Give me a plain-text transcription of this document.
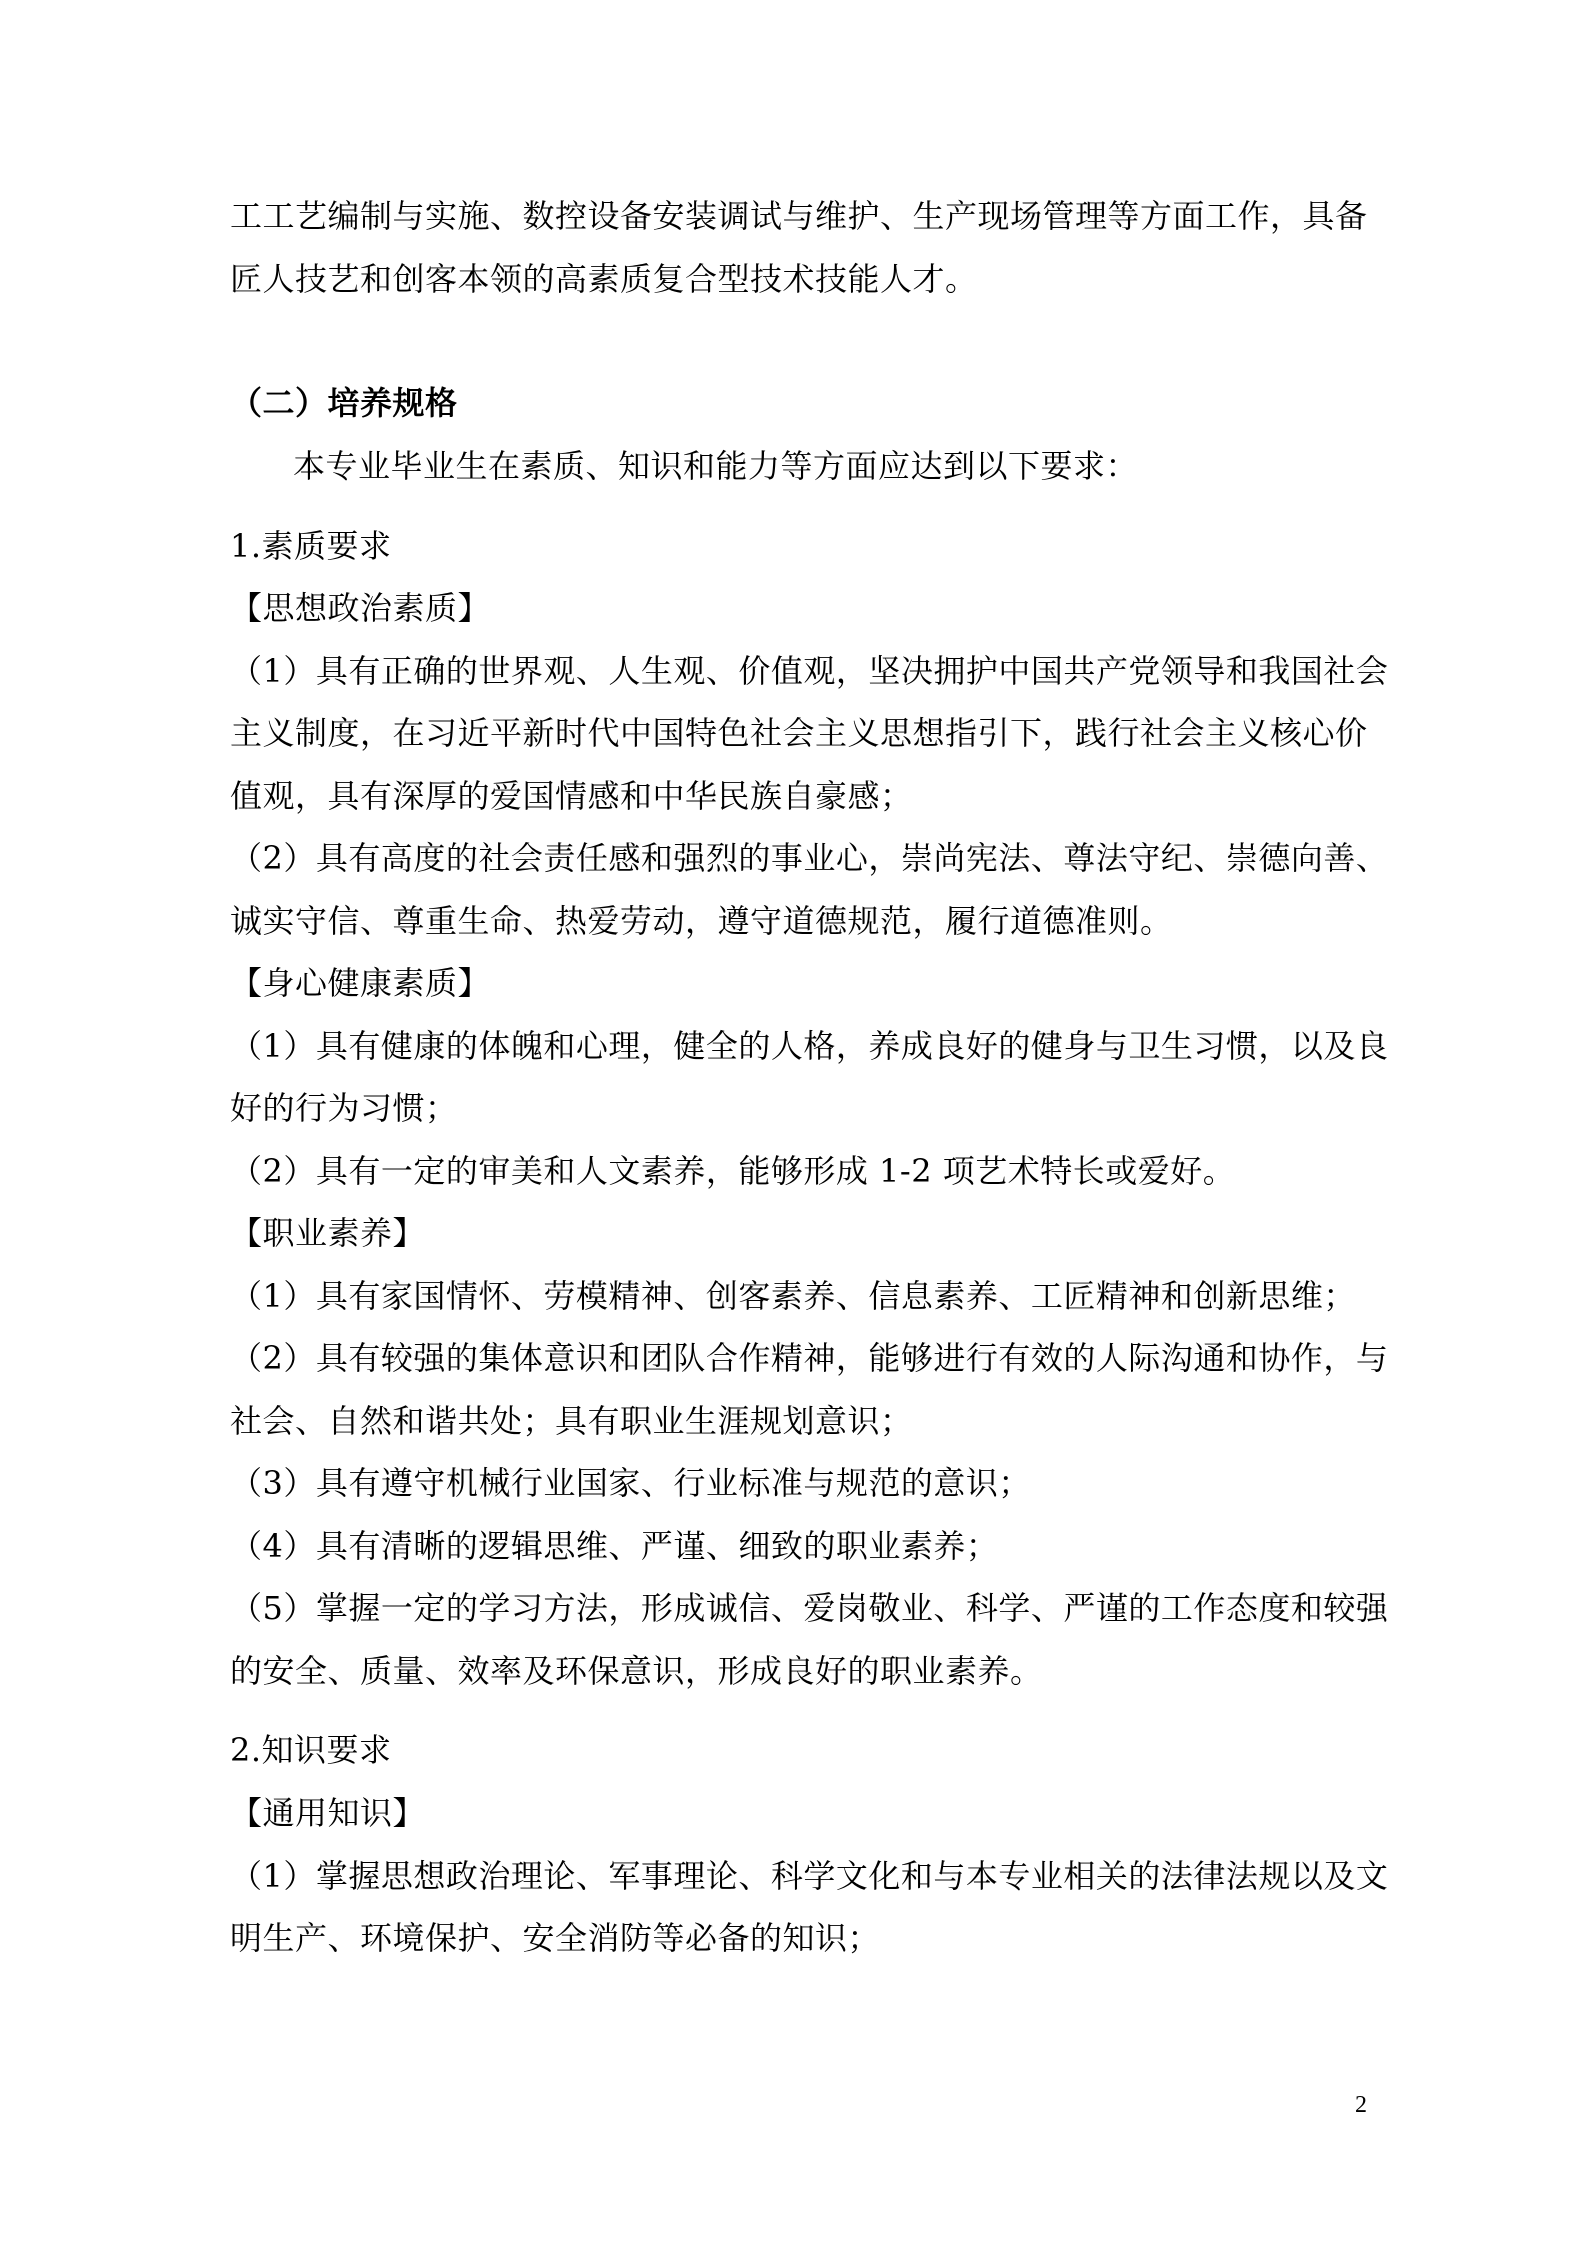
工工艺编制与实施、数控设备安装调试与维护、生产现场管理等方面工作，具备
匠人技艺和创客本领的高素质复合型技术技能人才。
（二）培养规格
本专业毕业生在素质、知识和能力等方面应达到以下要求：
1.素质要求
【思想政治素质】
（1）具有正确的世界观、人生观、价值观，坚决拥护中国共产党领导和我国社会
主义制度，在习近平新时代中国特色社会主义思想指引下，践行社会主义核心价
值观，具有深厚的爱国情感和中华民族自豪感；
（2）具有高度的社会责任感和强烈的事业心，崇尚宪法、尊法守纪、崇德向善、
诚实守信、尊重生命、热爱劳动，遵守道德规范，履行道德准则。
【身心健康素质】
（1）具有健康的体魄和心理，健全的人格，养成良好的健身与卫生习惯，以及良
好的行为习惯；
（2）具有一定的审美和人文素养，能够形成 1-2 项艺术特长或爱好。
【职业素养】
（1）具有家国情怀、劳模精神、创客素养、信息素养、工匠精神和创新思维；
（2）具有较强的集体意识和团队合作精神，能够进行有效的人际沟通和协作，与
社会、自然和谐共处；具有职业生涯规划意识；
（3）具有遵守机械行业国家、行业标准与规范的意识；
（4）具有清晰的逻辑思维、严谨、细致的职业素养；
（5）掌握一定的学习方法，形成诚信、爱岗敬业、科学、严谨的工作态度和较强
的安全、质量、效率及环保意识，形成良好的职业素养。
2.知识要求
【通用知识】
（1）掌握思想政治理论、军事理论、科学文化和与本专业相关的法律法规以及文
明生产、环境保护、安全消防等必备的知识；
2
